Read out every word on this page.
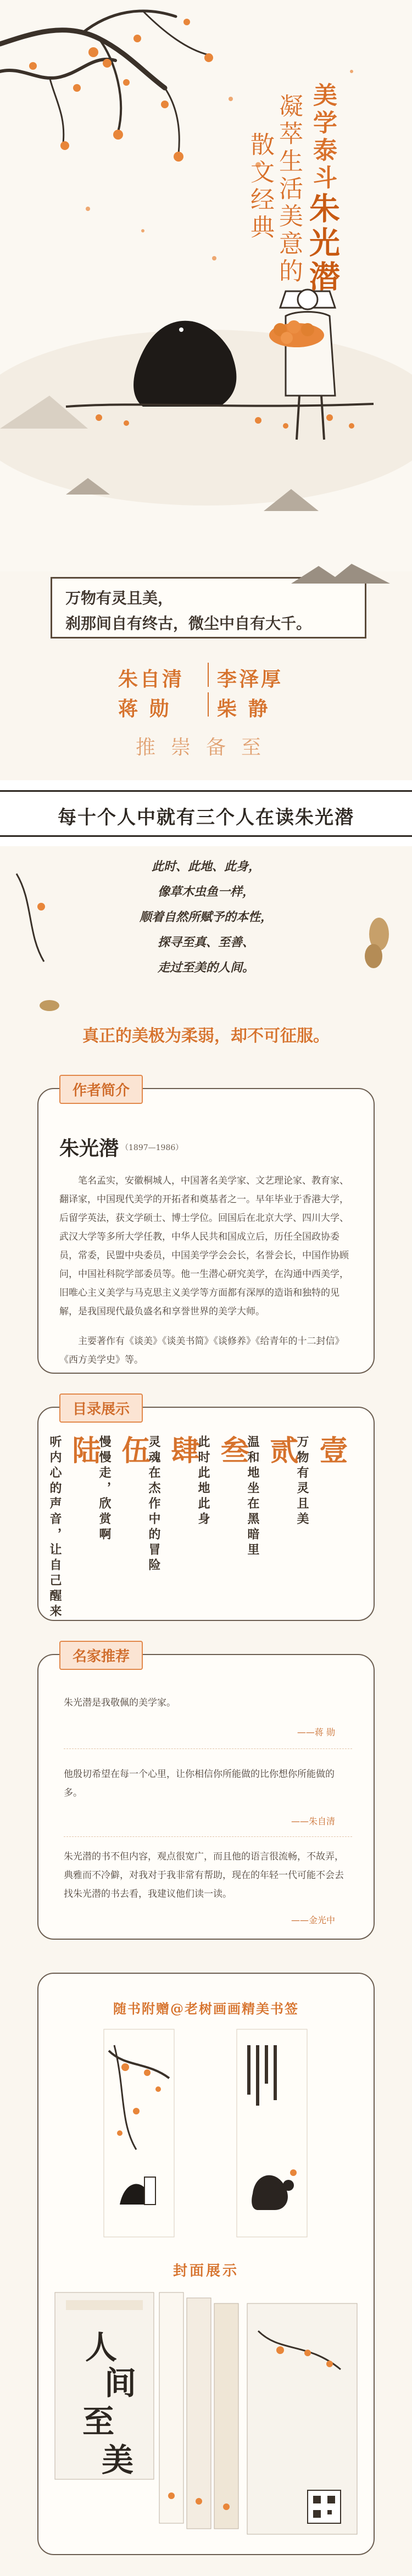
美学泰斗朱光潜
凝萃生活美意的
散文经典
万物有灵且美，
刹那间自有终古，微尘中自有大千。
朱自清 李泽厚
蒋 勋 柴 静
推崇备至
每十个人中就有三个人在读朱光潜
此时、此地、此身，
像草木虫鱼一样，
顺着自然所赋予的本性，
探寻至真、至善、
走过至美的人间。
真正的美极为柔弱，却不可征服。
作者简介
朱光潜 （1897—1986）
笔名孟实，安徽桐城人，中国著名美学家、文艺理论家、教育家、翻译家，中国现代美学的开拓者和奠基者之一。早年毕业于香港大学，后留学英法，获文学硕士、博士学位。回国后在北京大学、四川大学、武汉大学等多所大学任教，中华人民共和国成立后，历任全国政协委员，常委，民盟中央委员，中国美学学会会长，名誉会长，中国作协顾问，中国社科院学部委员等。他一生潜心研究美学，在沟通中西美学，旧唯心主义美学与马克思主义美学等方面都有深厚的造诣和独特的见解，是我国现代最负盛名和享誉世界的美学大师。
主要著作有《谈美》《谈美书简》《谈修养》《给青年的十二封信》《西方美学史》等。
目录展示
壹
万物有灵且美
贰
温和地坐在黑暗里
叁
此时此地此身
肆
灵魂在杰作中的冒险
伍
慢慢走，欣赏啊
陆
听内心的声音，让自己醒来
名家推荐
朱光潜是我敬佩的美学家。
——蒋 勋
他殷切希望在每一个心里，让你相信你所能做的比你想你所能做的多。
——朱自清
朱光潜的书不但内容，观点很宽广，而且他的语言很流畅，不故弄，典雅而不冷僻，对我对于我非常有帮助，现在的年轻一代可能不会去找朱光潜的书去看，我建议他们读一读。
——金光中
随书附赠@老树画画精美书签
封面展示
人
间
至
美
